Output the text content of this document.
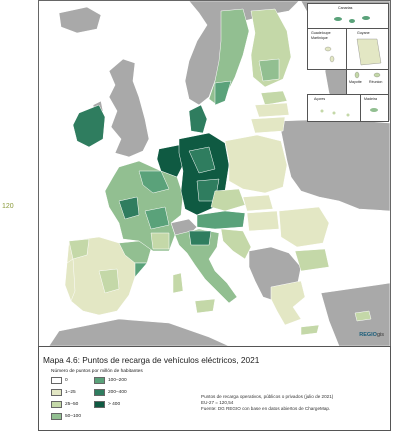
120
Canarias
Guadeloupe
Martinique
Guyane
Mayotte Réunion
Açores	Madeira
REGIOgis
Mapa 4.6: Puntos de recarga de vehículos eléctricos, 2021
Número de puntos por millón de habitantes
0
1–25
25–50
50–100
100–200
200–400
> 400
Puntos de recarga operativos, públicos o privados (julio de 2021)
EU-27 = 120,54
Fuente: DG REGIO con base en datos abiertos de ChargeMap.
